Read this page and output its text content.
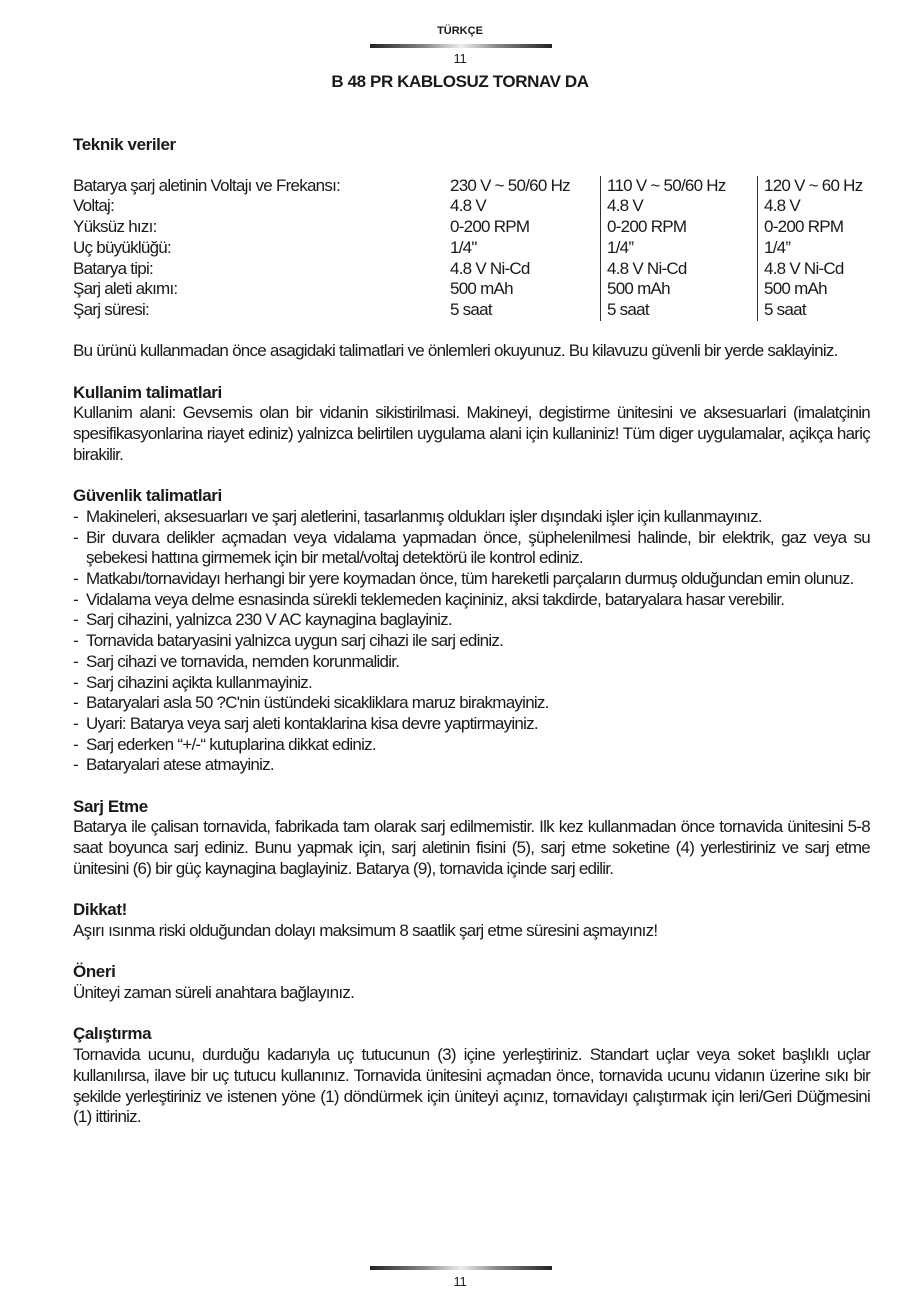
TÜRKÇE
11
B 48 PR KABLOSUZ TORNAV DA
Teknik veriler
Batarya şarj aletinin Voltajı ve Frekansı:	230 V ~ 50/60 Hz	110 V ~ 50/60 Hz	120 V ~ 60 Hz
Voltaj:	4.8 V	4.8 V	4.8 V
Yüksüz hızı:	0-200 RPM	0-200 RPM	0-200 RPM
Uç büyüklüğü:	1/4"	1/4”	1/4”
Batarya tipi:	4.8 V Ni-Cd	4.8 V Ni-Cd	4.8 V Ni-Cd
Şarj aleti akımı:	500 mAh	500 mAh	500 mAh
Şarj süresi:	5 saat	5 saat	5 saat

Bu ürünü kullanmadan önce asagidaki talimatlari ve önlemleri okuyunuz. Bu kilavuzu güvenli bir yerde saklayiniz.

Kullanim talimatlari

Kullanim alani: Gevsemis olan bir vidanin sikistirilmasi. Makineyi, degistirme ünitesini ve aksesuarlari (imalatçinin spesifikasyonlarina riayet ediniz) yalnizca belirtilen uygulama alani için kullaniniz! Tüm diger uygulamalar, açikça hariç birakilir.

Güvenlik talimatlari
- Makineleri, aksesuarları ve şarj aletlerini, tasarlanmış oldukları işler dışındaki işler için kullanmayınız.
- Bir duvara delikler açmadan veya vidalama yapmadan önce, şüphelenilmesi halinde, bir elektrik, gaz veya su şebekesi hattına girmemek için bir metal/voltaj detektörü ile kontrol ediniz.
- Matkabı/tornavidayı herhangi bir yere koymadan önce, tüm hareketli parçaların durmuş olduğundan emin olunuz.
- Vidalama veya delme esnasinda sürekli teklemeden kaçininiz, aksi takdirde, bataryalara hasar verebilir.
- Sarj cihazini, yalnizca 230 V AC kaynagina baglayiniz.
- Tornavida bataryasini yalnizca uygun sarj cihazi ile sarj ediniz.
- Sarj cihazi ve tornavida, nemden korunmalidir.
- Sarj cihazini açikta kullanmayiniz.
- Bataryalari asla 50 ?C'nin üstündeki sicakliklara maruz birakmayiniz.
- Uyari: Batarya veya sarj aleti kontaklarina kisa devre yaptirmayiniz.
- Sarj ederken “+/-“ kutuplarina dikkat ediniz.
- Bataryalari atese atmayiniz.
Sarj Etme

Batarya ile çalisan tornavida, fabrikada tam olarak sarj edilmemistir. Ilk kez kullanmadan önce tornavida ünitesini 5-8 saat boyunca sarj ediniz. Bunu yapmak için, sarj aletinin fisini (5), sarj etme soketine (4) yerlestiriniz ve sarj etme ünitesini (6) bir güç kaynagina baglayiniz. Batarya (9), tornavida içinde sarj edilir.

Dikkat!

Aşırı ısınma riski olduğundan dolayı maksimum 8 saatlik şarj etme süresini aşmayınız!

Öneri

Üniteyi zaman süreli anahtara bağlayınız.

Çalıştırma

Tornavida ucunu, durduğu kadarıyla uç tutucunun (3) içine yerleştiriniz. Standart uçlar veya soket başlıklı uçlar kullanılırsa, ilave bir uç tutucu kullanınız. Tornavida ünitesini açmadan önce, tornavida ucunu vidanın üzerine sıkı bir şekilde yerleştiriniz ve istenen yöne (1) döndürmek için üniteyi açınız, tornavidayı çalıştırmak için leri/Geri Düğmesini (1) ittiriniz.

11
